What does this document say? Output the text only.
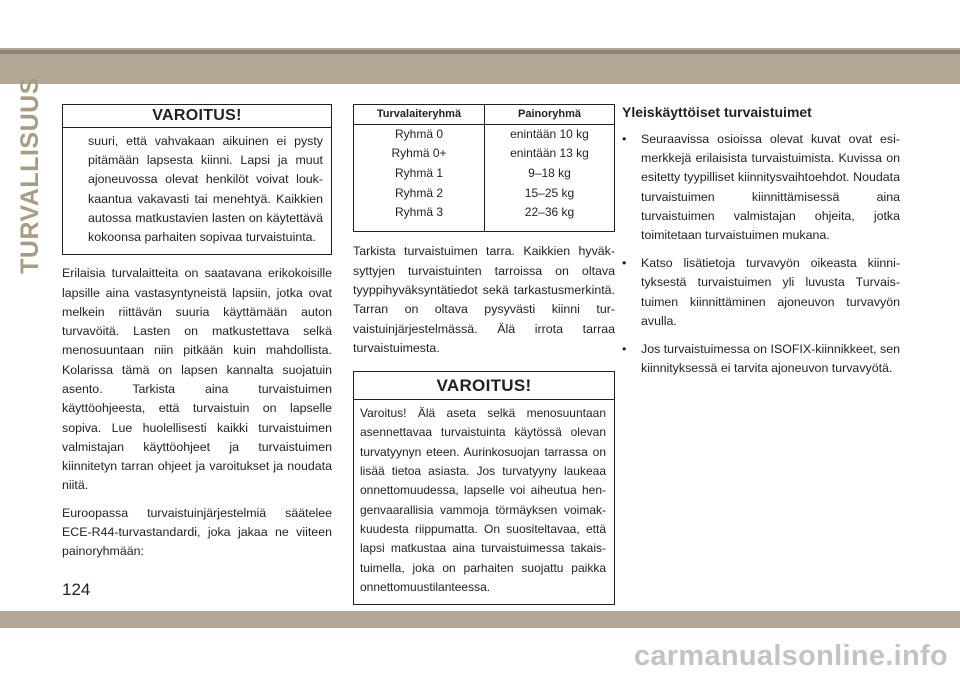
TURVALLISUUS	VAROITUS!
suuri, että vahvakaan aikuinen ei pysty pitämään lapsesta kiinni. Lapsi ja muut ajoneuvossa olevat henkilöt voivat loukkaantua vakavasti tai menehtyä. Kaikkien autossa matkustavien lasten on käytettävä kokoonsa parhaiten sopivaa turvaistuinta.

Erilaisia turvalaitteita on saatavana erikokoisille lapsille aina vastasyntyneistä lapsiin, jotka ovat melkein riittävän suuria käyttämään auton turvavöitä. Lasten on matkustettava selkä menosuuntaan niin pitkään kuin mahdollista. Kolarissa tämä on lapsen kannalta suojatuin asento. Tarkista aina turvaistuimen käyttöohjeesta, että turvaistuin on lapselle sopiva. Lue huolellisesti kaikki turvaistuimen valmistajan käyttöohjeet ja turvaistuimen kiinnitetyn tarran ohjeet ja varoitukset ja noudata niitä.

Euroopassa turvaistuinjärjestelmiä säätelee ECE-R44-turvastandardi, joka jakaa ne viiteen painoryhmään:

Turvalaiteryhmä	Painoryhmä
Ryhmä 0	enintään 10 kg
Ryhmä 0+	enintään 13 kg
Ryhmä 1	9–18 kg
Ryhmä 2	15–25 kg
Ryhmä 3	22–36 kg

Tarkista turvaistuimen tarra. Kaikkien hyväksyttyjen turvaistuinten tarroissa on oltava tyyppihyväksyntätiedot sekä tarkastusmerkintä. Tarran on oltava pysyvästi kiinni turvaistuinjärjestelmässä. Älä irrota tarraa turvaistuimesta.

VAROITUS!
Varoitus! Älä aseta selkä menosuuntaan asennettavaa turvaistuinta käytössä olevan turvatyynyn eteen. Aurinkosuojan tarrassa on lisää tietoa asiasta. Jos turvatyyny laukeaa onnettomuudessa, lapselle voi aiheutua hengenvaarallisia vammoja törmäyksen voimakkuudesta riippumatta. On suositeltavaa, että lapsi matkustaa aina turvaistuimessa takaistuimella, joka on parhaiten suojattu paikka onnettomuustilanteessa.
Yleiskäyttöiset turvaistuimet
• Seuraavissa osioissa olevat kuvat ovat esimerkkejä erilaisista turvaistuimista. Kuvissa on esitetty tyypilliset kiinnitysvaihtoehdot. Noudata turvaistuimen kiinnittämisessä aina turvaistuimen valmistajan ohjeita, jotka toimitetaan turvaistuimen mukana.
• Katso lisätietoja turvavyön oikeasta kiinnityksestä turvaistuimen yli luvusta Turvaistuimen kiinnittäminen ajoneuvon turvavyön avulla.
• Jos turvaistuimessa on ISOFIX-kiinnikkeet, sen kiinnityksessä ei tarvita ajoneuvon turvavyötä.
124
carmanualsonline.info
